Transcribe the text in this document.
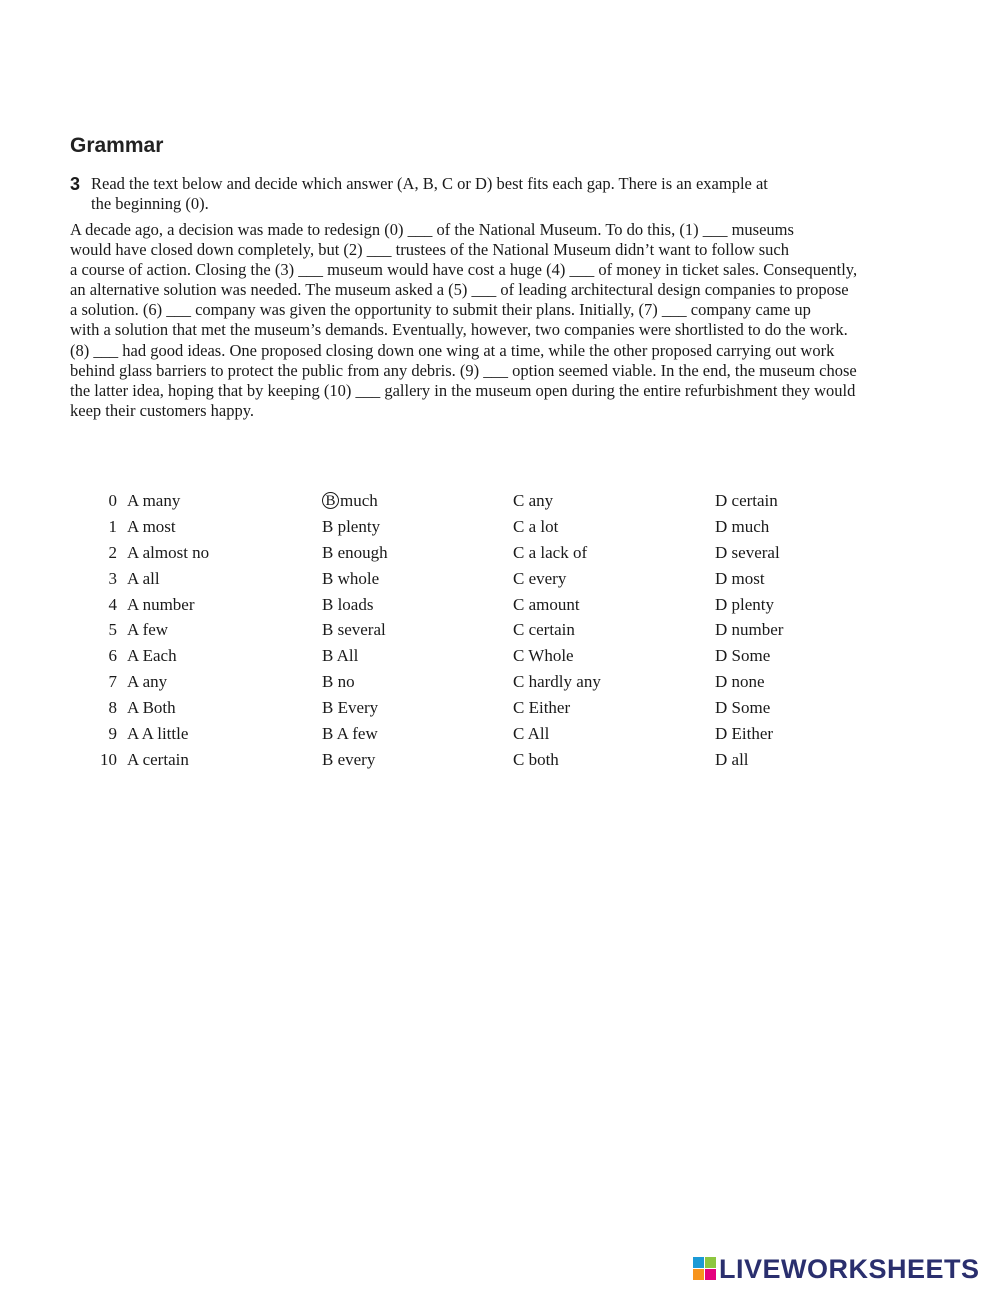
Grammar
3 Read the text below and decide which answer (A, B, C or D) best fits each gap. There is an example at
the beginning (0).
A decade ago, a decision was made to redesign (0) ___ of the National Museum. To do this, (1) ___ museums
would have closed down completely, but (2) ___ trustees of the National Museum didn’t want to follow such
a course of action. Closing the (3) ___ museum would have cost a huge (4) ___ of money in ticket sales. Consequently,
an alternative solution was needed. The museum asked a (5) ___ of leading architectural design companies to propose
a solution. (6) ___ company was given the opportunity to submit their plans. Initially, (7) ___ company came up
with a solution that met the museum’s demands. Eventually, however, two companies were shortlisted to do the work.
(8) ___ had good ideas. One proposed closing down one wing at a time, while the other proposed carrying out work
behind glass barriers to protect the public from any debris. (9) ___ option seemed viable. In the end, the museum chose
the latter idea, hoping that by keeping (10) ___ gallery in the museum open during the entire refurbishment they would
keep their customers happy.
0 A many	B much	C any	D certain
1 A most	B plenty	C a lot	D much
2 A almost no	B enough	C a lack of	D several
3 A all	B whole	C every	D most
4 A number	B loads	C amount	D plenty
5 A few	B several	C certain	D number
6 A Each	B All	C Whole	D Some
7 A any	B no	C hardly any	D none
8 A Both	B Every	C Either	D Some
9 A A little	B A few	C All	D Either
10 A certain	B every	C both	D all
LIVEWORKSHEETS
